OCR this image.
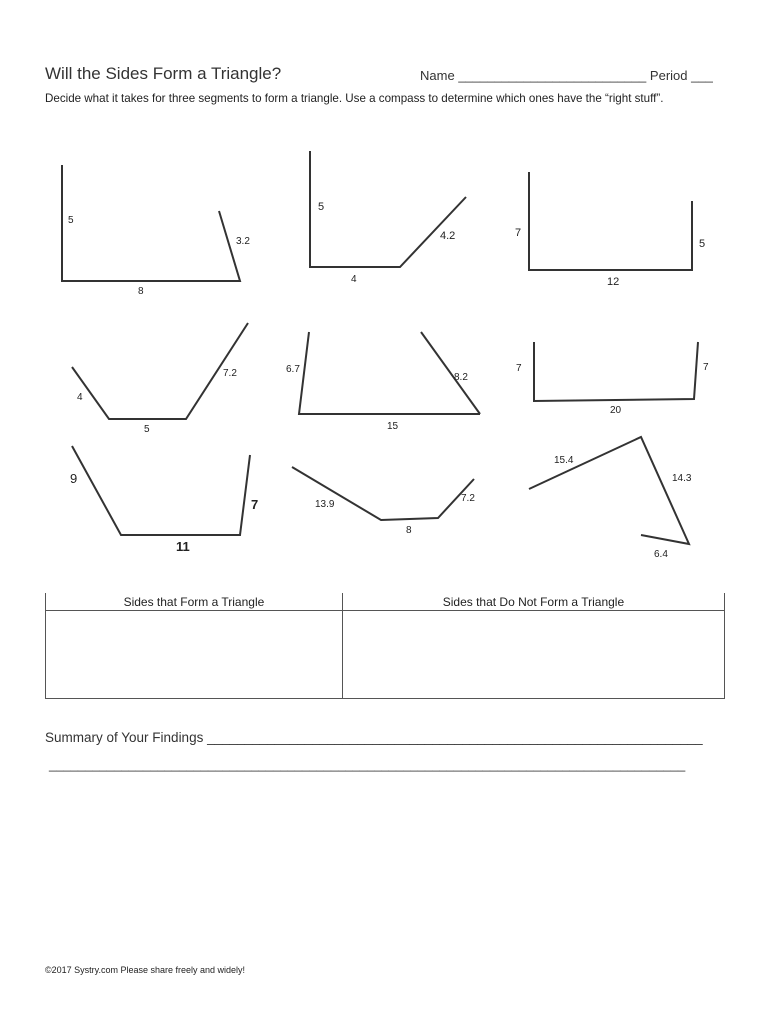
Will the Sides Form a Triangle?	Name __________________________ Period ___
Decide what it takes for three segments to form a triangle. Use a compass to determine which ones have the “right stuff”.
5
8
3.2
5
4
4.2	7
12
5
4
5
7.2	6.7
15
8.2
7
20
7
9
11
7	13.9
8
7.2
15.4
14.3
6.4
Sides that Form a Triangle	Sides that Do Not Form a Triangle

Summary of Your Findings __________________________________________________________________
________________________________________________________________________________________
©2017 Systry.com Please share freely and widely!
